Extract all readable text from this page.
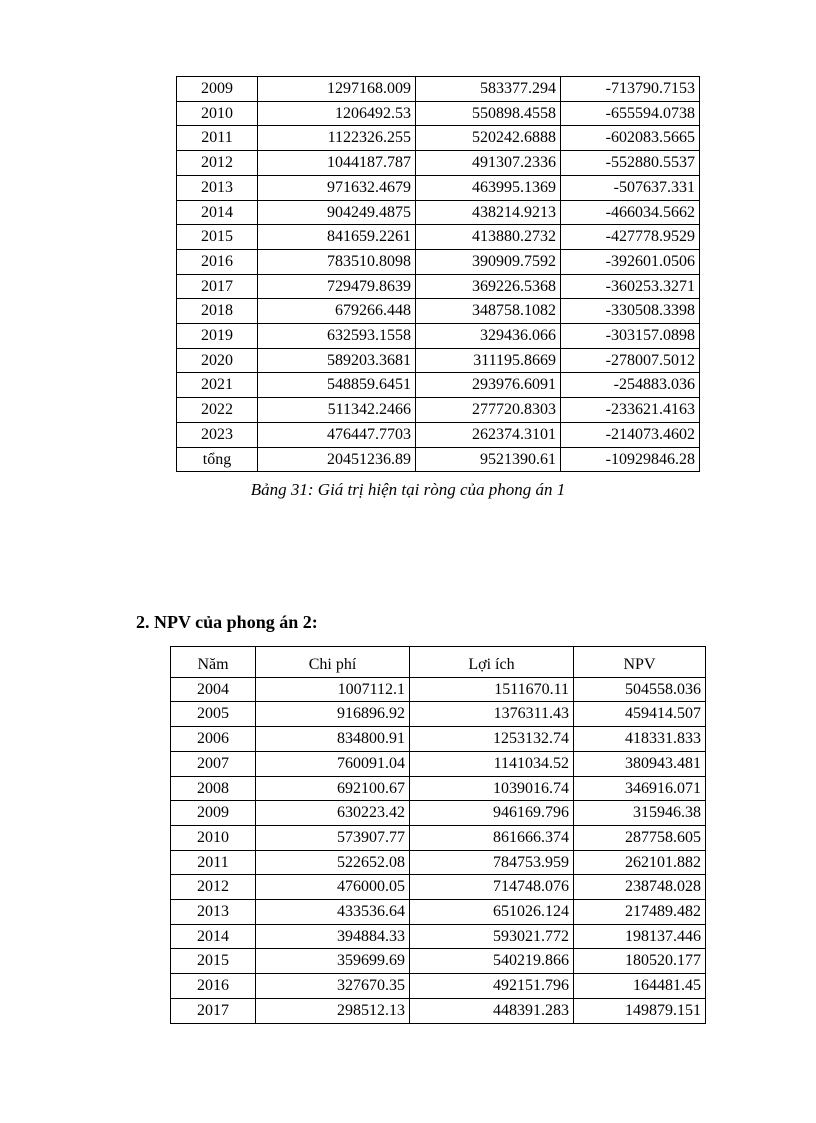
2009	1297168.009	583377.294	-713790.7153
2010	1206492.53	550898.4558	-655594.0738
2011	1122326.255	520242.6888	-602083.5665
2012	1044187.787	491307.2336	-552880.5537
2013	971632.4679	463995.1369	-507637.331
2014	904249.4875	438214.9213	-466034.5662
2015	841659.2261	413880.2732	-427778.9529
2016	783510.8098	390909.7592	-392601.0506
2017	729479.8639	369226.5368	-360253.3271
2018	679266.448	348758.1082	-330508.3398
2019	632593.1558	329436.066	-303157.0898
2020	589203.3681	311195.8669	-278007.5012
2021	548859.6451	293976.6091	-254883.036
2022	511342.2466	277720.8303	-233621.4163
2023	476447.7703	262374.3101	-214073.4602
tổng	20451236.89	9521390.61	-10929846.28
Bảng 31: Giá trị hiện tại ròng của phong án 1
2. NPV của phong án 2:
Năm	Chi phí	Lợi ích	NPV
2004	1007112.1	1511670.11	504558.036
2005	916896.92	1376311.43	459414.507
2006	834800.91	1253132.74	418331.833
2007	760091.04	1141034.52	380943.481
2008	692100.67	1039016.74	346916.071
2009	630223.42	946169.796	315946.38
2010	573907.77	861666.374	287758.605
2011	522652.08	784753.959	262101.882
2012	476000.05	714748.076	238748.028
2013	433536.64	651026.124	217489.482
2014	394884.33	593021.772	198137.446
2015	359699.69	540219.866	180520.177
2016	327670.35	492151.796	164481.45
2017	298512.13	448391.283	149879.151
